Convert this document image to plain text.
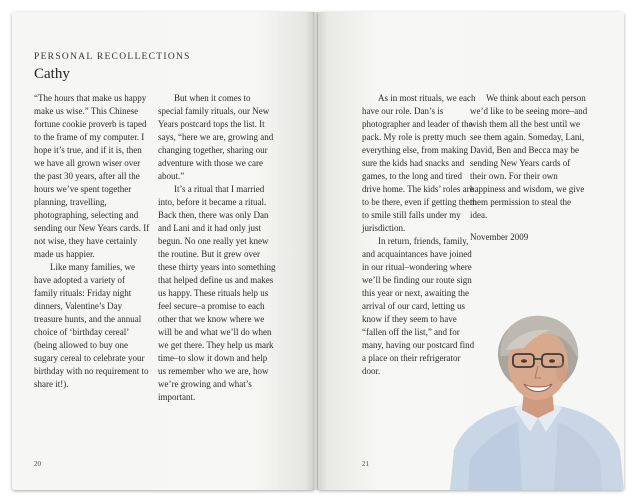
PERSONAL RECOLLECTIONS
Cathy

“The hours that make us happy make us wise.” This Chinese fortune cookie proverb is taped to the frame of my computer. I hope it’s true, and if it is, then we have all grown wiser over the past 30 years, after all the hours we’ve spent together planning, travelling, photographing, selecting and sending our New Years cards. If not wise, they have certainly made us happier.

Like many families, we have adopted a variety of family rituals: Friday night dinners, Valentine’s Day treasure hunts, and the annual choice of ‘birthday cereal’ (being allowed to buy one sugary cereal to celebrate your birthday with no requirement to share it!).

But when it comes to special family rituals, our New Years postcard tops the list. It says, “here we are, growing and changing together, sharing our adventure with those we care about.”

It’s a ritual that I married into, before it became a ritual. Back then, there was only Dan and Lani and it had only just begun. No one really yet knew the routine. But it grew over these thirty years into something that helped define us and makes us happy. These rituals help us feel secure–a promise to each other that we know where we will be and what we’ll do when we get there. They help us mark time–to slow it down and help us remember who we are, how we’re growing and what’s important.

20

As in most rituals, we each have our role. Dan’s is photographer and leader of the pack. My role is pretty much everything else, from making sure the kids had snacks and games, to the long and tired drive home. The kids’ roles are to be there, even if getting them to smile still falls under my jurisdiction.

In return, friends, family, and acquaintances have joined in our ritual–wondering where we’ll be finding our route sign this year or next, awaiting the arrival of our card, letting us know if they seem to have “fallen off the list,” and for many, having our postcard find a place on their refrigerator door.

We think about each person we’d like to be seeing more–and wish them all the best until we see them again. Someday, Lani, David, Ben and Becca may be sending New Years cards of their own. For their own happiness and wisdom, we give them permission to steal the idea.

November 2009

21
